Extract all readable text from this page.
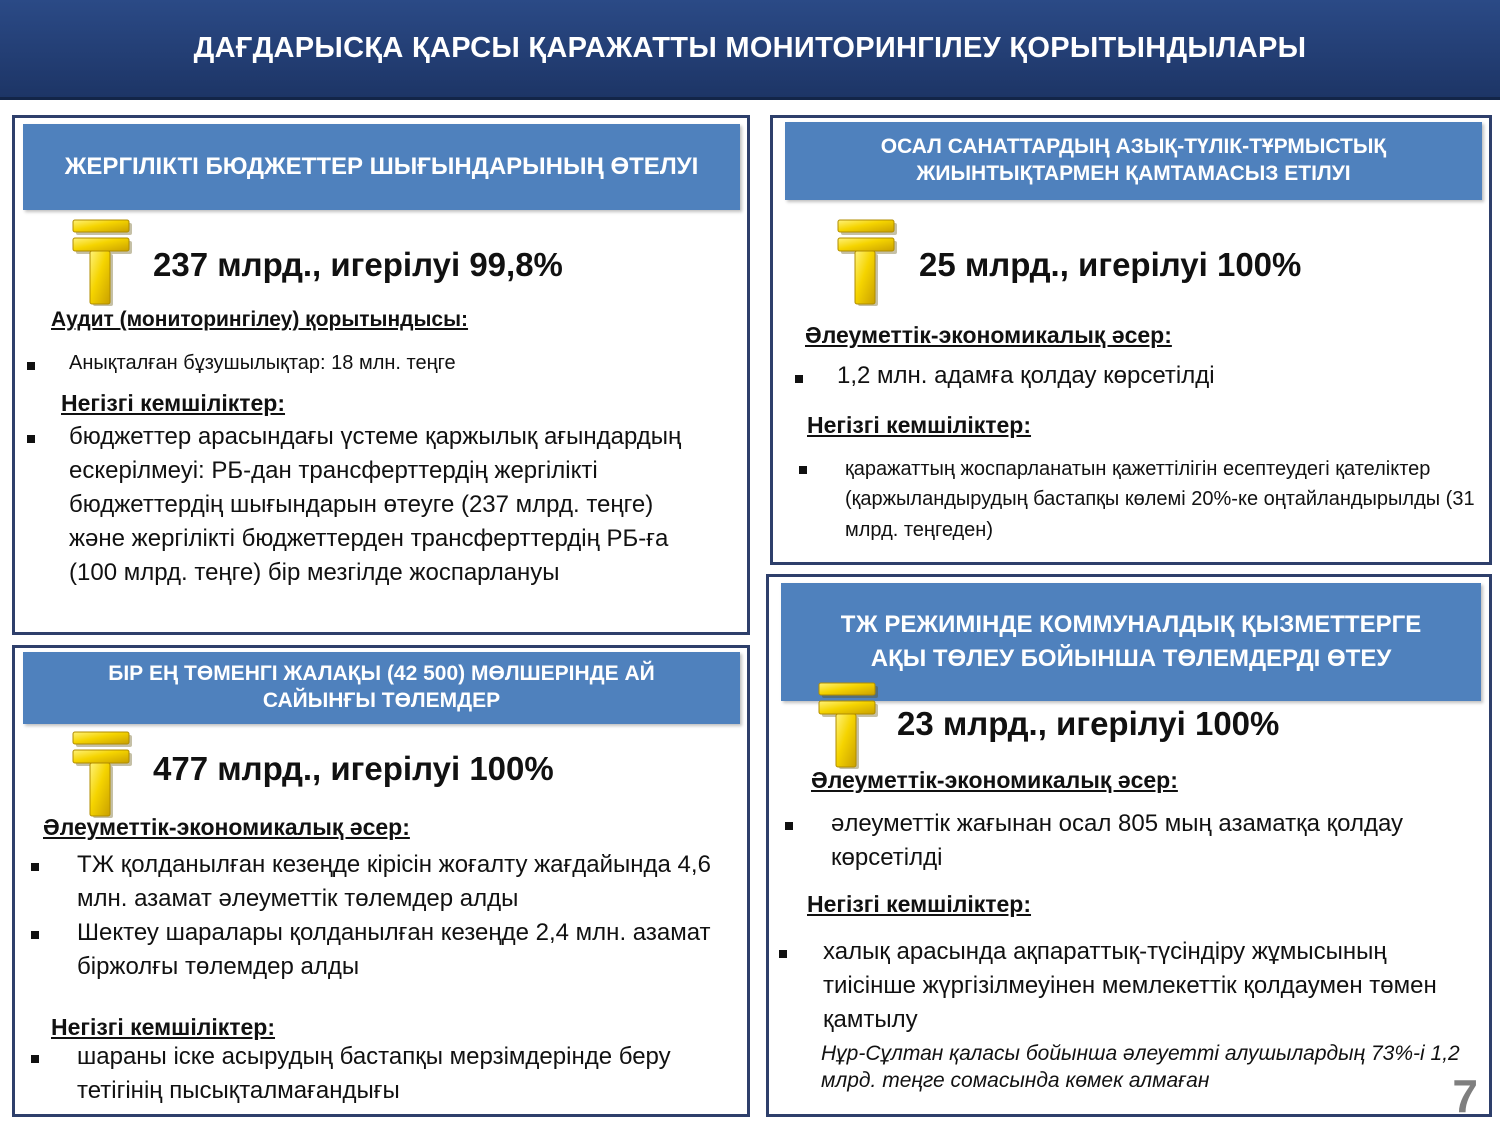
ДАҒДАРЫСҚА ҚАРСЫ ҚАРАЖАТТЫ МОНИТОРИНГІЛЕУ ҚОРЫТЫНДЫЛАРЫ
ЖЕРГІЛІКТІ БЮДЖЕТТЕР ШЫҒЫНДАРЫНЫҢ ӨТЕЛУІ
237 млрд., игерілуі 99,8%
Аудит (мониторингілеу) қорытындысы:
Анықталған бұзушылықтар: 18 млн. теңге
Негізгі кемшіліктер:
бюджеттер арасындағы үстеме қаржылық ағындардың ескерілмеуі: РБ-дан трансферттердің жергілікті бюджеттердің шығындарын өтеуге (237 млрд. теңге) және жергілікті бюджеттерден трансферттердің РБ-ға (100 млрд. теңге) бір мезгілде жоспарлануы
ОСАЛ САНАТТАРДЫҢ АЗЫҚ-ТҮЛІК-ТҰРМЫСТЫҚ ЖИЫНТЫҚТАРМЕН ҚАМТАМАСЫЗ ЕТІЛУІ
25 млрд., игерілуі 100%
Әлеуметтік-экономикалық әсер:
1,2 млн. адамға қолдау көрсетілді
Негізгі кемшіліктер:
қаражаттың жоспарланатын қажеттілігін есептеудегі қателіктер (қаржыландырудың бастапқы көлемі 20%-ке оңтайландырылды (31 млрд. теңгеден)
БІР ЕҢ ТӨМЕНГІ ЖАЛАҚЫ (42 500) МӨЛШЕРІНДЕ АЙ САЙЫНҒЫ ТӨЛЕМДЕР
477 млрд., игерілуі 100%
Әлеуметтік-экономикалық әсер:
ТЖ қолданылған кезеңде кірісін жоғалту жағдайында 4,6 млн. азамат әлеуметтік төлемдер алды
Шектеу шаралары қолданылған кезеңде 2,4 млн. азамат біржолғы төлемдер алды
Негізгі кемшіліктер:
шараны іске асырудың бастапқы мерзімдерінде беру тетігінің пысықталмағандығы
ТЖ РЕЖИМІНДЕ КОММУНАЛДЫҚ ҚЫЗМЕТТЕРГЕ АҚЫ ТӨЛЕУ БОЙЫНША ТӨЛЕМДЕРДІ ӨТЕУ
23 млрд., игерілуі 100%
Әлеуметтік-экономикалық әсер:
әлеуметтік жағынан осал 805 мың азаматқа қолдау көрсетілді
Негізгі кемшіліктер:
халық арасында ақпараттық-түсіндіру жұмысының тиісінше жүргізілмеуінен мемлекеттік қолдаумен төмен қамтылу
Нұр-Сұлтан қаласы бойынша әлеуетті алушылардың 73%-і 1,2 млрд. теңге сомасында көмек алмаған	7
